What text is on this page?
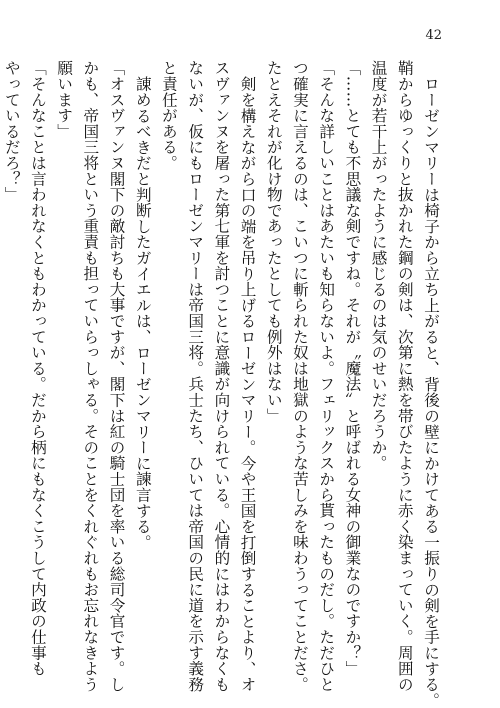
42

ローゼンマリーは椅子から立ち上がると、背後の壁にかけてある一振りの剣を手にする。

鞘からゆっくりと抜かれた鋼の剣は、次第に熱を帯びたように赤く染まっていく。周囲の

温度が若干上がったように感じるのは気のせいだろうか。

「……とても不思議な剣ですね。それが〝魔法〟と呼ばれる女神の御業なのですか？」

「そんな詳しいことはあたいも知らないよ。フェリックスから貰ったものだし。ただひと

つ確実に言えるのは、こいつに斬られた奴は地獄のような苦しみを味わうってことださ。

たとえそれが化け物であったとしても例外はない」

剣を構えながら口の端を吊り上げるローゼンマリー。今や王国を打倒することより、オ

スヴァンヌを屠った第七軍を討つことに意識が向けられている。心情的にはわからなくも

ないが、仮にもローゼンマリーは帝国三将。兵士たち、ひいては帝国の民に道を示す義務

と責任がある。

諌めるべきだと判断したガイエルは、ローゼンマリーに諫言する。

「オスヴァンヌ閣下の敵討ちも大事ですが、閣下は紅の騎士団を率いる総司令官です。し

かも、帝国三将という重責も担っていらっしゃる。そのことをくれぐれもお忘れなきよう

願います」

「そんなことは言われなくともわかっている。だから柄にもなくこうして内政の仕事も

やっているだろ？」
